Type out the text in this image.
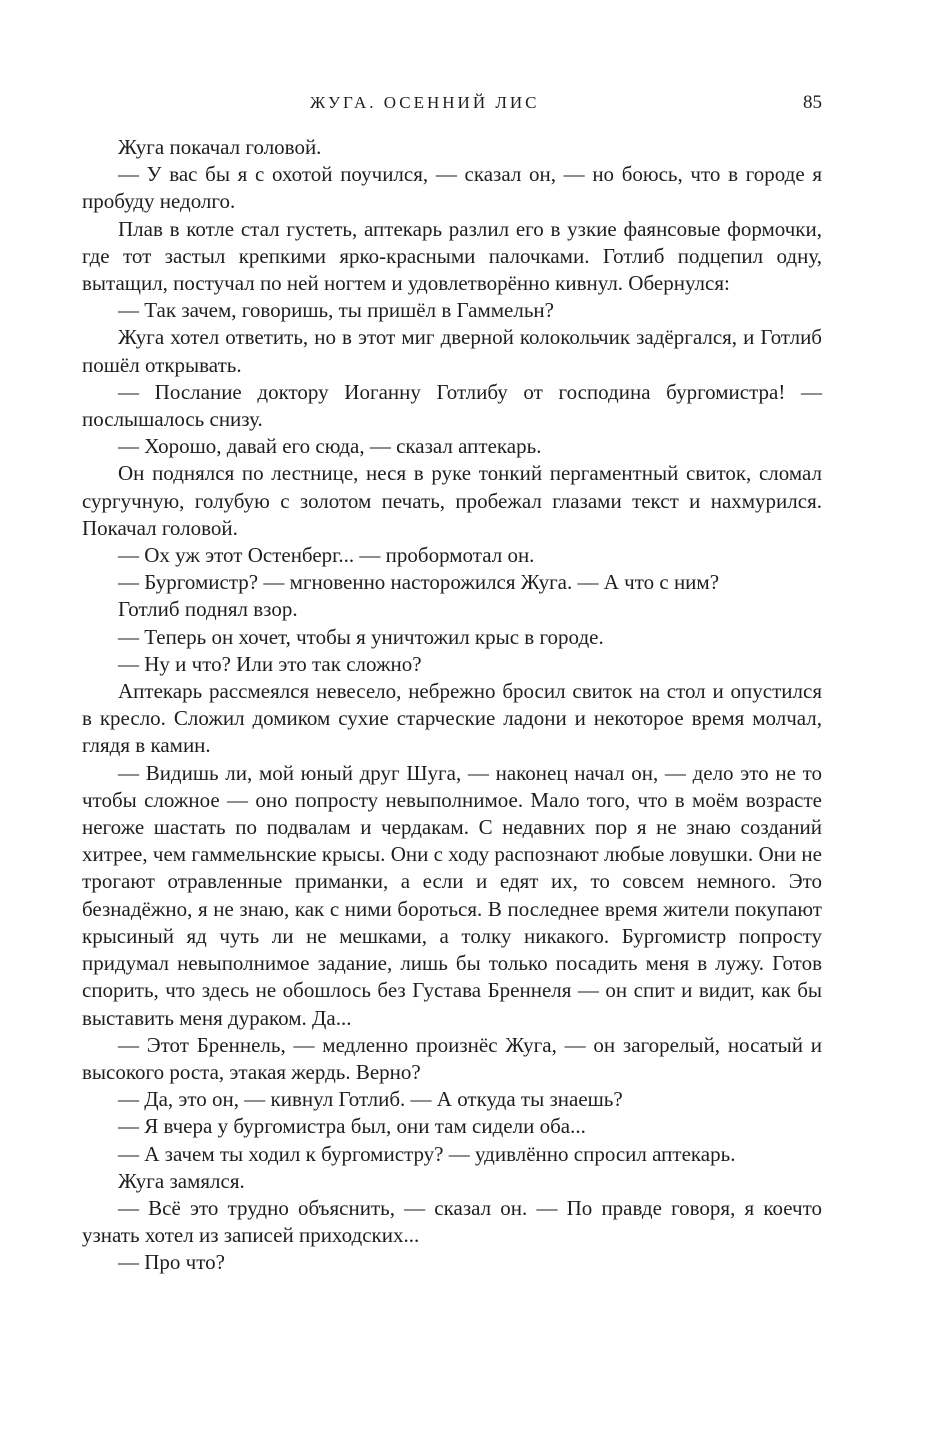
ЖУГА. ОСЕННИЙ ЛИС	85

Жуга покачал головой.

— У вас бы я с охотой поучился, — сказал он, — но боюсь, что в городе я пробуду недолго.

Плав в котле стал густеть, аптекарь разлил его в узкие фаянсовые формочки, где тот застыл крепкими ярко-красными палочками. Готлиб подцепил одну, вытащил, постучал по ней ногтем и удовлетворённо кивнул. Обернулся:

— Так зачем, говоришь, ты пришёл в Гаммельн?

Жуга хотел ответить, но в этот миг дверной колокольчик задёргался, и Готлиб пошёл открывать.

— Послание доктору Иоганну Готлибу от господина бургомистра! — послышалось снизу.

— Хорошо, давай его сюда, — сказал аптекарь.

Он поднялся по лестнице, неся в руке тонкий пергаментный свиток, сломал сургучную, голубую с золотом печать, пробежал глазами текст и нахмурился. Покачал головой.

— Ох уж этот Остенберг... — пробормотал он.

— Бургомистр? — мгновенно насторожился Жуга. — А что с ним?

Готлиб поднял взор.

— Теперь он хочет, чтобы я уничтожил крыс в городе.

— Ну и что? Или это так сложно?

Аптекарь рассмеялся невесело, небрежно бросил свиток на стол и опустился в кресло. Сложил домиком сухие старческие ладони и некоторое время молчал, глядя в камин.

— Видишь ли, мой юный друг Шуга, — наконец начал он, — дело это не то чтобы сложное — оно попросту невыполнимое. Мало того, что в моём возрасте негоже шастать по подвалам и чердакам. С недавних пор я не знаю созданий хитрее, чем гаммельнские крысы. Они с ходу распознают любые ловушки. Они не трогают отравленные приманки, а если и едят их, то совсем немного. Это безнадёжно, я не знаю, как с ними бороться. В последнее время жители покупают крысиный яд чуть ли не мешками, а толку никакого. Бургомистр попросту придумал невыполнимое задание, лишь бы только посадить меня в лужу. Готов спорить, что здесь не обошлось без Густава Бреннеля — он спит и видит, как бы выставить меня дураком. Да...

— Этот Бреннель, — медленно произнёс Жуга, — он загорелый, носатый и высокого роста, этакая жердь. Верно?

— Да, это он, — кивнул Готлиб. — А откуда ты знаешь?

— Я вчера у бургомистра был, они там сидели оба...

— А зачем ты ходил к бургомистру? — удивлённо спросил аптекарь.

Жуга замялся.

— Всё это трудно объяснить, — сказал он. — По правде говоря, я коечто узнать хотел из записей приходских...

— Про что?
